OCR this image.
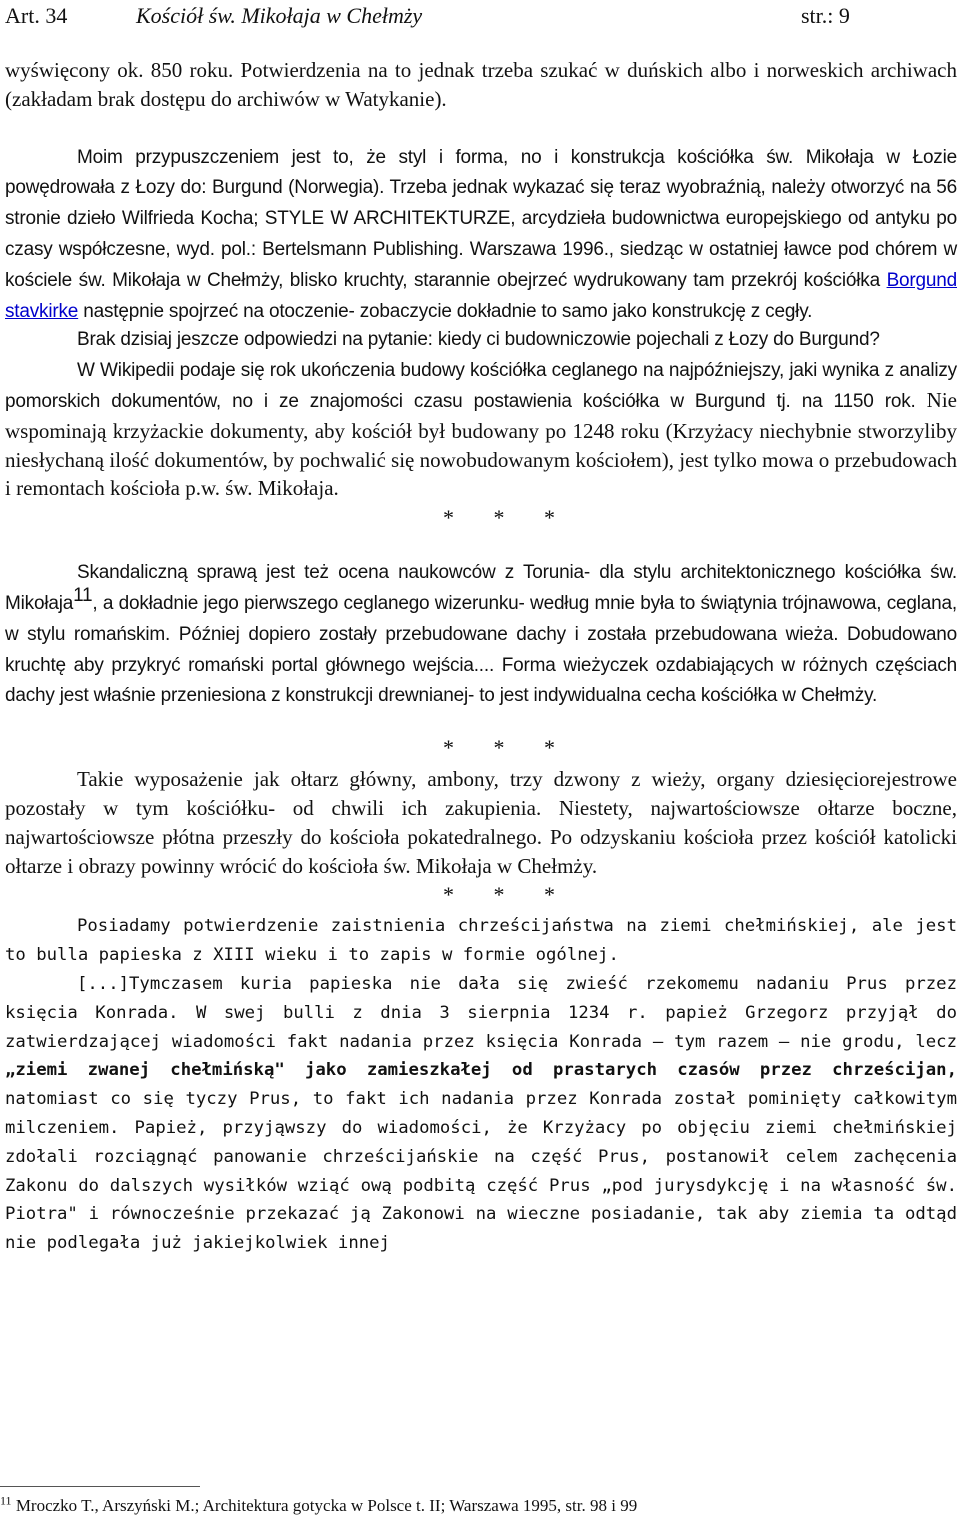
Art. 34	Kościół św. Mikołaja w Chełmży	str.: 9

wyświęcony ok. 850 roku. Potwierdzenia na to jednak trzeba szukać w duńskich albo i norweskich archiwach (zakładam brak dostępu do archiwów w Watykanie).

Moim przypuszczeniem jest to, że styl i forma, no i konstrukcja kościółka św. Mikołaja w Łozie powędrowała z Łozy do: Burgund (Norwegia). Trzeba jednak wykazać się teraz wyobraźnią, należy otworzyć na 56 stronie dzieło Wilfrieda Kocha; STYLE W ARCHITEKTURZE, arcydzieła budownictwa europejskiego od antyku po czasy współczesne, wyd. pol.: Bertelsmann Publishing. Warszawa 1996., siedząc w ostatniej ławce pod chórem w kościele św. Mikołaja w Chełmży, blisko kruchty, starannie obejrzeć wydrukowany tam przekrój kościółka Borgund stavkirke następnie spojrzeć na otoczenie- zobaczycie dokładnie to samo jako konstrukcję z cegły.

Brak dzisiaj jeszcze odpowiedzi na pytanie: kiedy ci budowniczowie pojechali z Łozy do Burgund?

W Wikipedii podaje się rok ukończenia budowy kościółka ceglanego na najpóźniejszy, jaki wynika z analizy pomorskich dokumentów, no i ze znajomości czasu postawienia kościółka w Burgund tj. na 1150 rok. Nie wspominają krzyżackie dokumenty, aby kościół był budowany po 1248 roku (Krzyżacy niechybnie stworzyliby niesłychaną ilość dokumentów, by pochwalić się nowobudowanym kościołem), jest tylko mowa o przebudowach i remontach kościoła p.w. św. Mikołaja.

* * *

Skandaliczną sprawą jest też ocena naukowców z Torunia- dla stylu architektonicznego kościółka św. Mikołaja$^{11}$, a dokładnie jego pierwszego ceglanego wizerunku- według mnie była to świątynia trójnawowa, ceglana, w stylu romańskim. Później dopiero zostały przebudowane dachy i została przebudowana wieża. Dobudowano kruchtę aby przykryć romański portal głównego wejścia.... Forma wieżyczek ozdabiających w różnych częściach dachy jest właśnie przeniesiona z konstrukcji drewnianej- to jest indywidualna cecha kościółka w Chełmży.

* * *

Takie wyposażenie jak ołtarz główny, ambony, trzy dzwony z wieży, organy dziesięciorejestrowe pozostały w tym kościółku- od chwili ich zakupienia. Niestety, najwartościowsze ołtarze boczne, najwartościowsze płótna przeszły do kościoła pokatedralnego. Po odzyskaniu kościoła przez kościół katolicki ołtarze i obrazy powinny wrócić do kościoła św. Mikołaja w Chełmży.

* * *

Posiadamy potwierdzenie zaistnienia chrześcijaństwa na ziemi chełmińskiej, ale jest to bulla papieska z XIII wieku i to zapis w formie ogólnej.

[...]Tymczasem kuria papieska nie dała się zwieść rzekomemu nadaniu Prus przez księcia Konrada. W swej bulli z dnia 3 sierpnia 1234 r. papież Grzegorz przyjął do zatwierdzającej wiadomości fakt nadania przez księcia Konrada — tym razem — nie grodu, lecz „ziemi zwanej chełmińską" jako zamieszkałej od prastarych czasów przez chrześcijan, natomiast co się tyczy Prus, to fakt ich nadania przez Konrada został pominięty całkowitym milczeniem. Papież, przyjąwszy do wiadomości, że Krzyżacy po objęciu ziemi chełmińskiej zdołali rozciągnąć panowanie chrześcijańskie na część Prus, postanowił celem zachęcenia Zakonu do dalszych wysiłków wziąć ową podbitą część Prus „pod jurysdykcję i na własność św. Piotra" i równocześnie przekazać ją Zakonowi na wieczne posiadanie, tak aby ziemia ta odtąd nie podlegała już jakiejkolwiek innej

$^{11}$ Mroczko T., Arszyński M.; Architektura gotycka w Polsce t. II; Warszawa 1995, str. 98 i 99
